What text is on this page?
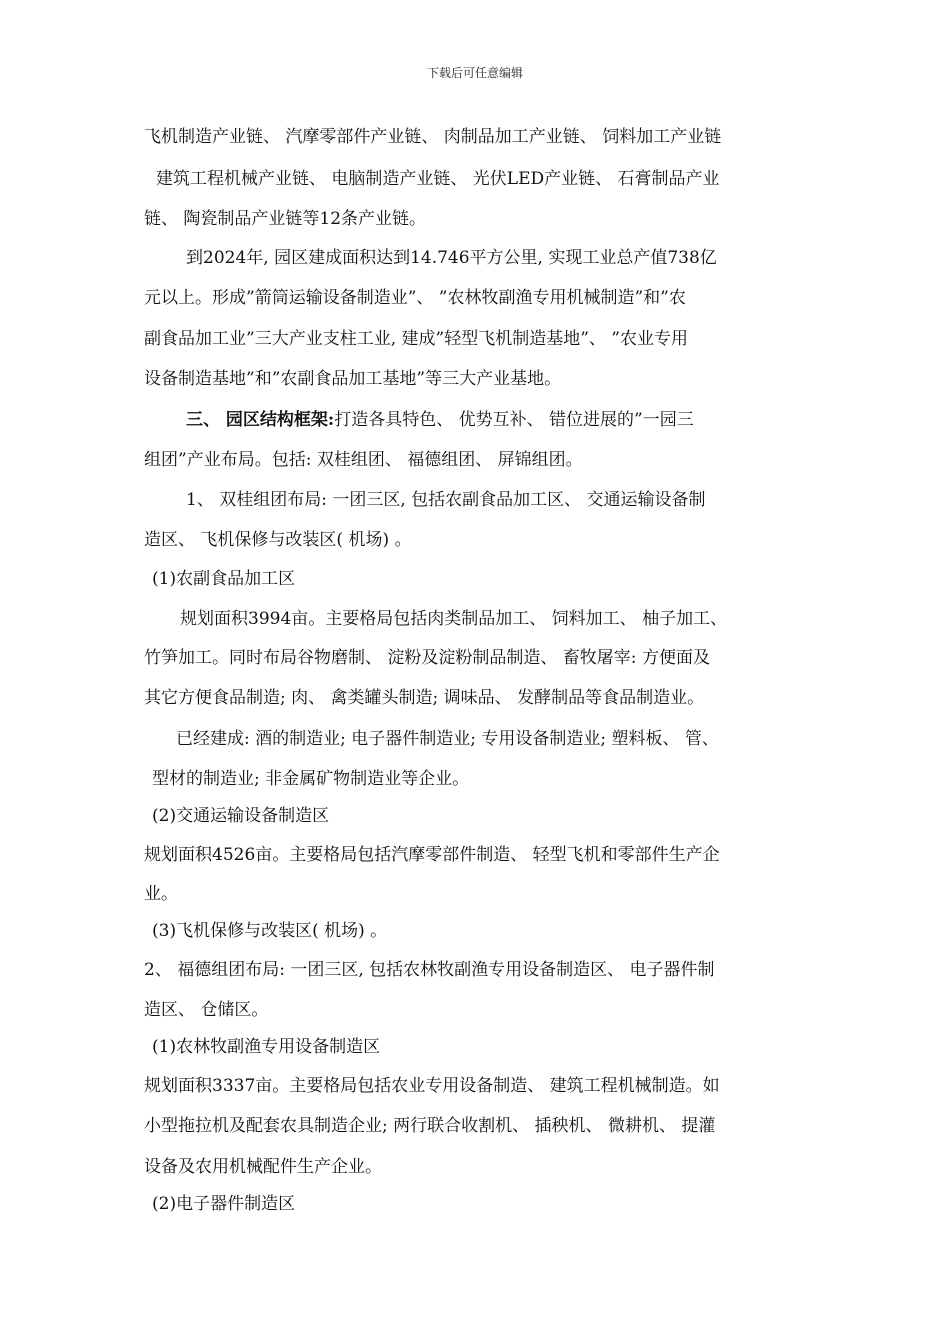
下载后可任意编辑
飞机制造产业链、 汽摩零部件产业链、 肉制品加工产业链、 饲料加工产业链
建筑工程机械产业链、 电脑制造产业链、 光伏LED产业链、 石膏制品产业
链、 陶瓷制品产业链等12条产业链。
到2024年, 园区建成面积达到14.746平方公里, 实现工业总产值738亿
元以上。形成”箭筒运输设备制造业”、 ”农林牧副渔专用机械制造”和”农
副食品加工业”三大产业支柱工业, 建成”轻型飞机制造基地”、 ”农业专用
设备制造基地”和”农副食品加工基地”等三大产业基地。
三、 园区结构框架:打造各具特色、 优势互补、 错位进展的”一园三
组团”产业布局。包括: 双桂组团、 福德组团、 屏锦组团。
1、 双桂组团布局: 一团三区, 包括农副食品加工区、 交通运输设备制
造区、 飞机保修与改装区( 机场) 。
(1)农副食品加工区
规划面积3994亩。主要格局包括肉类制品加工、 饲料加工、 柚子加工、
竹笋加工。同时布局谷物磨制、 淀粉及淀粉制品制造、 畜牧屠宰: 方便面及
其它方便食品制造; 肉、 禽类罐头制造; 调味品、 发酵制品等食品制造业。
已经建成: 酒的制造业; 电子器件制造业; 专用设备制造业; 塑料板、 管、
型材的制造业; 非金属矿物制造业等企业。
(2)交通运输设备制造区
规划面积4526亩。主要格局包括汽摩零部件制造、 轻型飞机和零部件生产企
业。
(3)飞机保修与改装区( 机场) 。
2、 福德组团布局: 一团三区, 包括农林牧副渔专用设备制造区、 电子器件制
造区、 仓储区。
(1)农林牧副渔专用设备制造区
规划面积3337亩。主要格局包括农业专用设备制造、 建筑工程机械制造。如
小型拖拉机及配套农具制造企业; 两行联合收割机、 插秧机、 微耕机、 提灌
设备及农用机械配件生产企业。
(2)电子器件制造区
